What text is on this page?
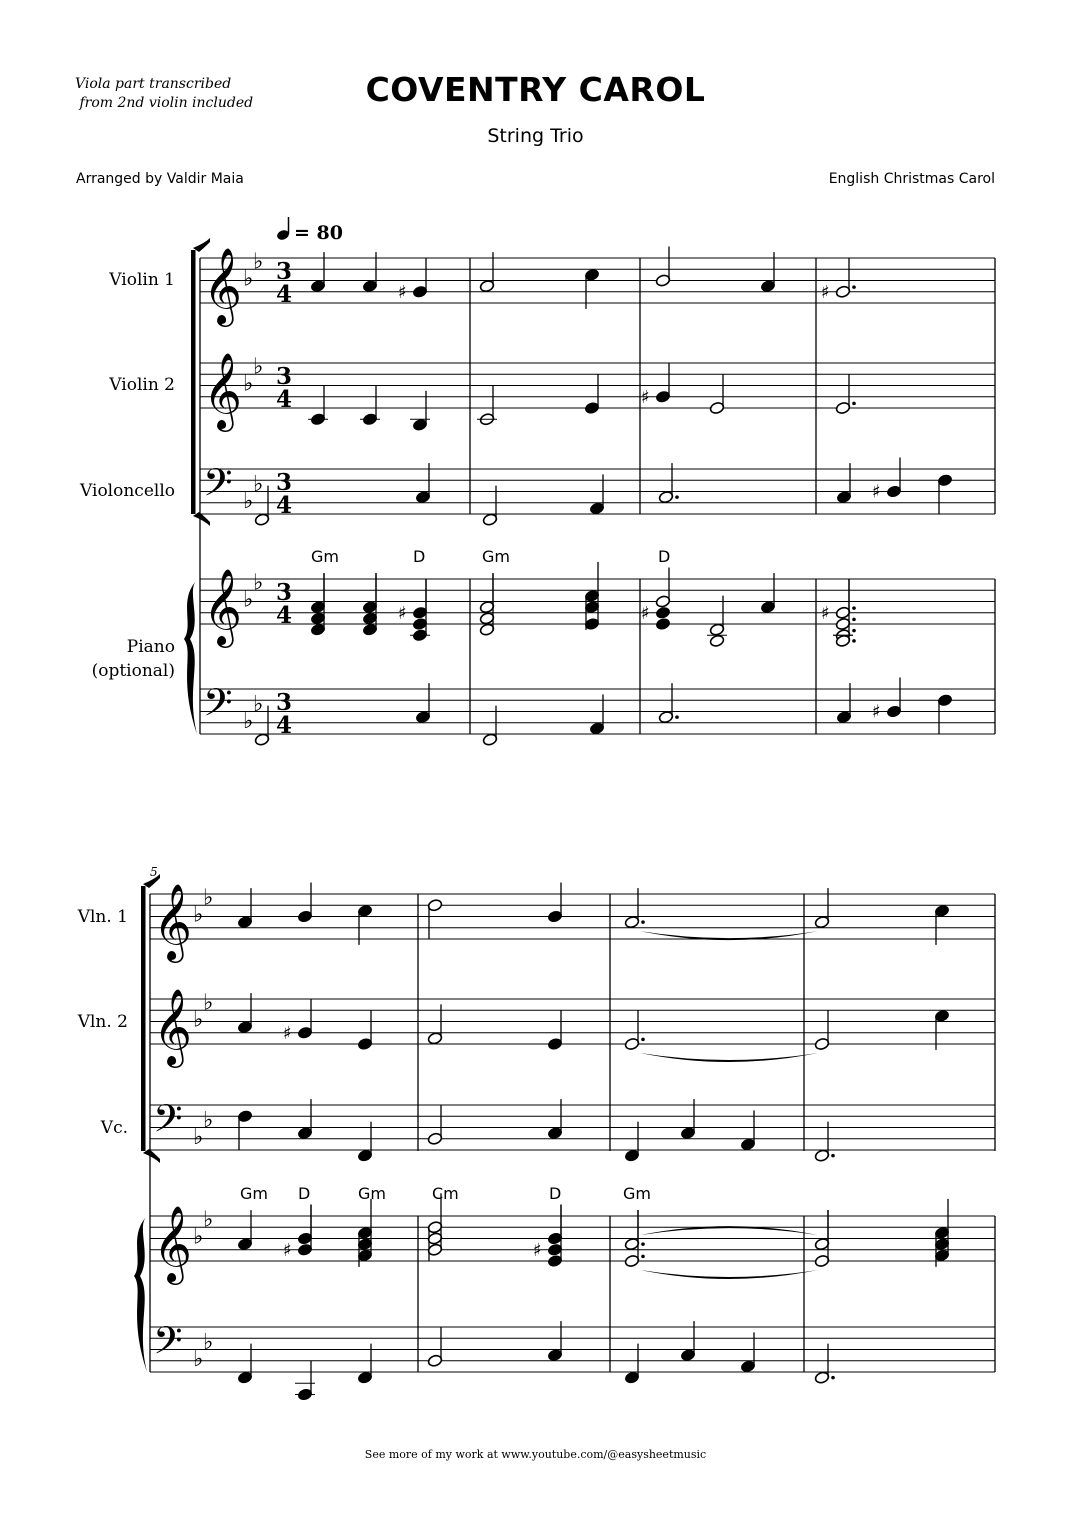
Viola part transcribed
from 2nd violin included	COVENTRY CAROL
String Trio
Arranged by Valdir Maia	English Christmas Carol
𝄞 ♭
♭ 3
4
𝄞 ♭
♭ 3
4
𝄢 ♭
♭ 3
4
𝄞 ♭
♭ 3
4
𝄢 ♭
♭ 3
4
♯	♯
♯
♯
♯	♯	♯
♯
𝄞 ♭
♭
𝄞 ♭
♭
𝄢 ♭
♭
𝄞 ♭
♭
𝄢 ♭
♭
♯
♯	♯
= 80
Violin 1
Violin 2
Violoncello
Piano
(optional)
5
Vln. 1
Vln. 2
Vc.
Gm	D	Gm	D
Gm D	Gm	Cm	D	Gm
See more of my work at www.youtube.com/@easysheetmusic
